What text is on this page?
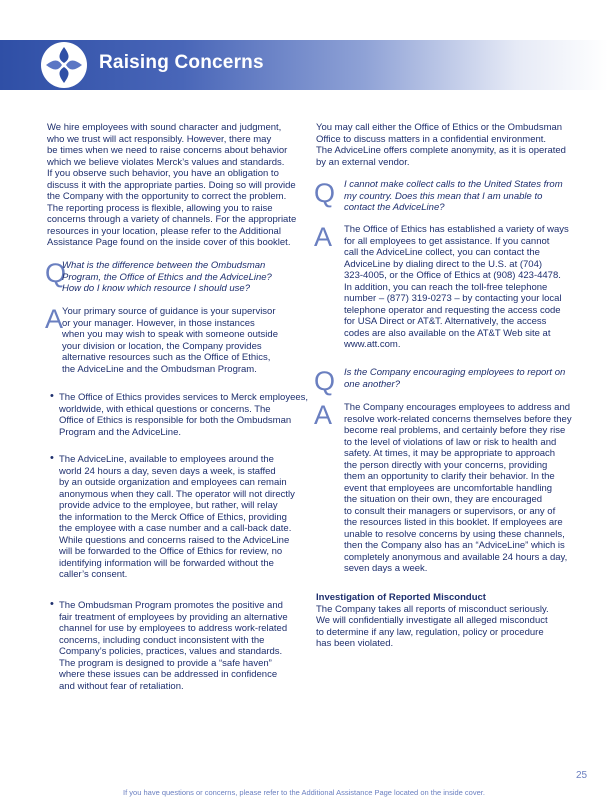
Raising Concerns
We hire employees with sound character and judgment,
who we trust will act responsibly. However, there may
be times when we need to raise concerns about behavior
which we believe violates Merck’s values and standards.
If you observe such behavior, you have an obligation to
discuss it with the appropriate parties. Doing so will provide
the Company with the opportunity to correct the problem.
The reporting process is flexible, allowing you to raise
concerns through a variety of channels. For the appropriate
resources in your location, please refer to the Additional
Assistance Page found on the inside cover of this booklet.
Q
What is the difference between the Ombudsman
Program, the Office of Ethics and the AdviceLine?
How do I know which resource I should use?
A
Your primary source of guidance is your supervisor
or your manager. However, in those instances
when you may wish to speak with someone outside
your division or location, the Company provides
alternative resources such as the Office of Ethics,
the AdviceLine and the Ombudsman Program.
• The Office of Ethics provides services to Merck employees,
worldwide, with ethical questions or concerns. The
Office of Ethics is responsible for both the Ombudsman
Program and the AdviceLine.
• The AdviceLine, available to employees around the
world 24 hours a day, seven days a week, is staffed
by an outside organization and employees can remain
anonymous when they call. The operator will not directly
provide advice to the employee, but rather, will relay
the information to the Merck Office of Ethics, providing
the employee with a case number and a call-back date.
While questions and concerns raised to the AdviceLine
will be forwarded to the Office of Ethics for review, no
identifying information will be forwarded without the
caller’s consent.
• The Ombudsman Program promotes the positive and
fair treatment of employees by providing an alternative
channel for use by employees to address work-related
concerns, including conduct inconsistent with the
Company’s policies, practices, values and standards.
The program is designed to provide a “safe haven”
where these issues can be addressed in confidence
and without fear of retaliation.
You may call either the Office of Ethics or the Ombudsman
Office to discuss matters in a confidential environment.
The AdviceLine offers complete anonymity, as it is operated
by an external vendor.
Q I cannot make collect calls to the United States from
my country. Does this mean that I am unable to
contact the AdviceLine?
A The Office of Ethics has established a variety of ways
for all employees to get assistance. If you cannot
call the AdviceLine collect, you can contact the
AdviceLine by dialing direct to the U.S. at (704)
323-4005, or the Office of Ethics at (908) 423-4478.
In addition, you can reach the toll-free telephone
number – (877) 319-0273 – by contacting your local
telephone operator and requesting the access code
for USA Direct or AT&T. Alternatively, the access
codes are also available on the AT&T Web site at
www.att.com.
Q Is the Company encouraging employees to report on
one another?
A The Company encourages employees to address and
resolve work-related concerns themselves before they
become real problems, and certainly before they rise
to the level of violations of law or risk to health and
safety. At times, it may be appropriate to approach
the person directly with your concerns, providing
them an opportunity to clarify their behavior. In the
event that employees are uncomfortable handling
the situation on their own, they are encouraged
to consult their managers or supervisors, or any of
the resources listed in this booklet. If employees are
unable to resolve concerns by using these channels,
then the Company also has an “AdviceLine” which is
completely anonymous and available 24 hours a day,
seven days a week.
Investigation of Reported Misconduct
The Company takes all reports of misconduct seriously.
We will confidentially investigate all alleged misconduct
to determine if any law, regulation, policy or procedure
has been violated.
25
If you have questions or concerns, please refer to the Additional Assistance Page located on the inside cover.
